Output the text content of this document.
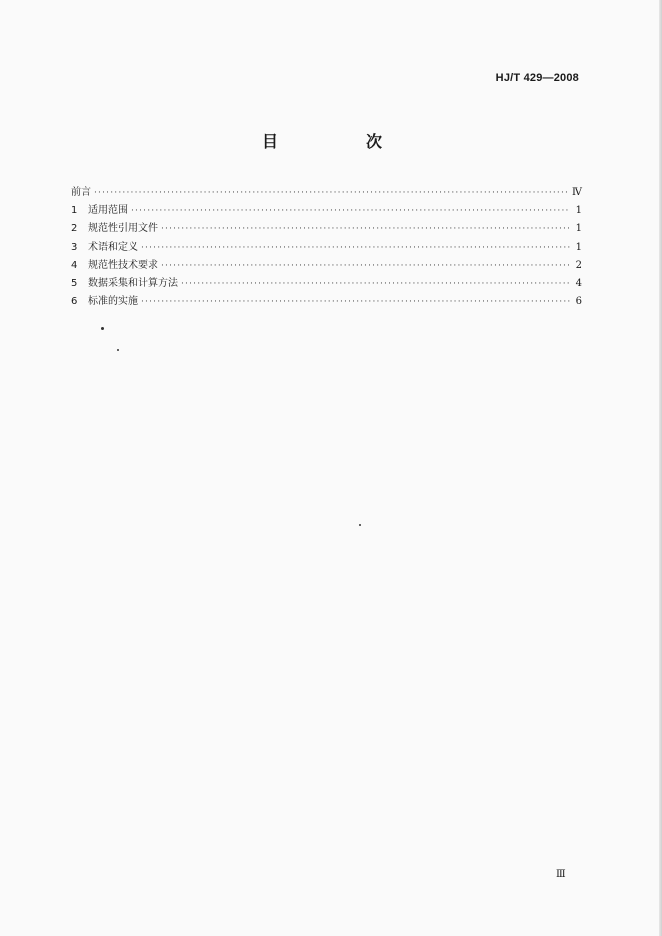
HJ/T 429—2008
目　次
前言 ·····	Ⅳ
1	适用范围 ·····	1
2	规范性引用文件 ·····	1
3	术语和定义 ·····	1
4	规范性技术要求 ·····	2
5	数据采集和计算方法 ·····	4
6	标准的实施 ·····	6
Ⅲ
